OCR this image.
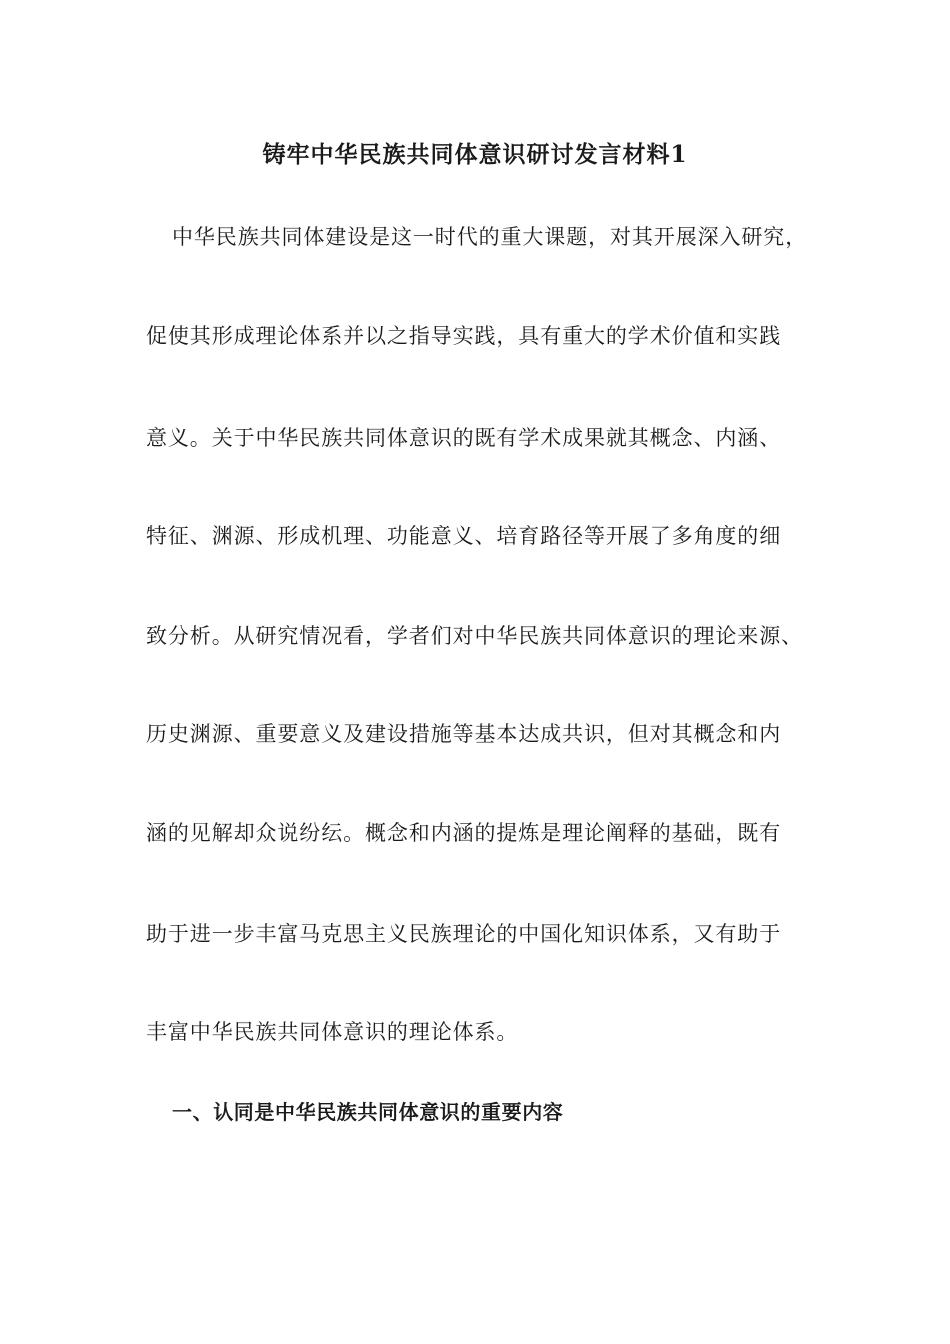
铸牢中华民族共同体意识研讨发言材料1
中华民族共同体建设是这一时代的重大课题，对其开展深入研究，
促使其形成理论体系并以之指导实践，具有重大的学术价值和实践
意义。关于中华民族共同体意识的既有学术成果就其概念、内涵、
特征、渊源、形成机理、功能意义、培育路径等开展了多角度的细
致分析。从研究情况看，学者们对中华民族共同体意识的理论来源、
历史渊源、重要意义及建设措施等基本达成共识，但对其概念和内
涵的见解却众说纷纭。概念和内涵的提炼是理论阐释的基础，既有
助于进一步丰富马克思主义民族理论的中国化知识体系，又有助于
丰富中华民族共同体意识的理论体系。
一、认同是中华民族共同体意识的重要内容
